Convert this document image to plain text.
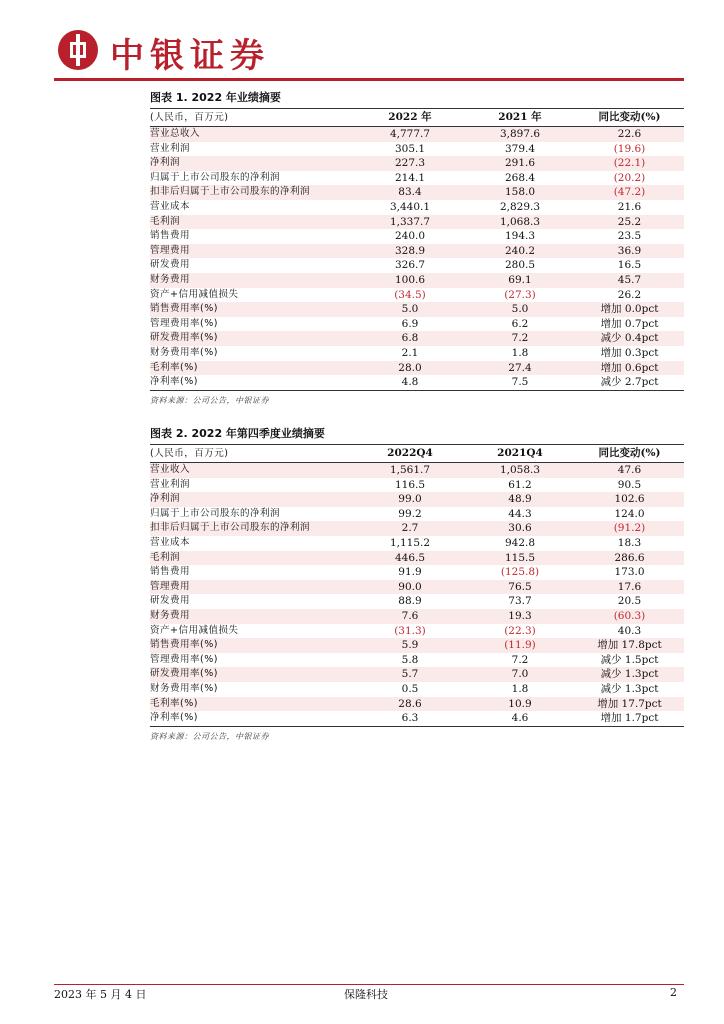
中银证券
图表 1. 2022 年业绩摘要
(人民币，百万元)	2022 年	2021 年	同比变动(%)
营业总收入	4,777.7	3,897.6	22.6
营业利润	305.1	379.4	(19.6)
净利润	227.3	291.6	(22.1)
归属于上市公司股东的净利润	214.1	268.4	(20.2)
扣非后归属于上市公司股东的净利润	83.4	158.0	(47.2)
营业成本	3,440.1	2,829.3	21.6
毛利润	1,337.7	1,068.3	25.2
销售费用	240.0	194.3	23.5
管理费用	328.9	240.2	36.9
研发费用	326.7	280.5	16.5
财务费用	100.6	69.1	45.7
资产+信用减值损失	(34.5)	(27.3)	26.2
销售费用率(%)	5.0	5.0	增加 0.0pct
管理费用率(%)	6.9	6.2	增加 0.7pct
研发费用率(%)	6.8	7.2	减少 0.4pct
财务费用率(%)	2.1	1.8	增加 0.3pct
毛利率(%)	28.0	27.4	增加 0.6pct
净利率(%)	4.8	7.5	减少 2.7pct
资料来源：公司公告，中银证券
图表 2. 2022 年第四季度业绩摘要
(人民币，百万元)	2022Q4	2021Q4	同比变动(%)
营业收入	1,561.7	1,058.3	47.6
营业利润	116.5	61.2	90.5
净利润	99.0	48.9	102.6
归属于上市公司股东的净利润	99.2	44.3	124.0
扣非后归属于上市公司股东的净利润	2.7	30.6	(91.2)
营业成本	1,115.2	942.8	18.3
毛利润	446.5	115.5	286.6
销售费用	91.9	(125.8)	173.0
管理费用	90.0	76.5	17.6
研发费用	88.9	73.7	20.5
财务费用	7.6	19.3	(60.3)
资产+信用减值损失	(31.3)	(22.3)	40.3
销售费用率(%)	5.9	(11.9)	增加 17.8pct
管理费用率(%)	5.8	7.2	减少 1.5pct
研发费用率(%)	5.7	7.0	减少 1.3pct
财务费用率(%)	0.5	1.8	减少 1.3pct
毛利率(%)	28.6	10.9	增加 17.7pct
净利率(%)	6.3	4.6	增加 1.7pct
资料来源：公司公告，中银证券
2023 年 5 月 4 日	保隆科技	2
